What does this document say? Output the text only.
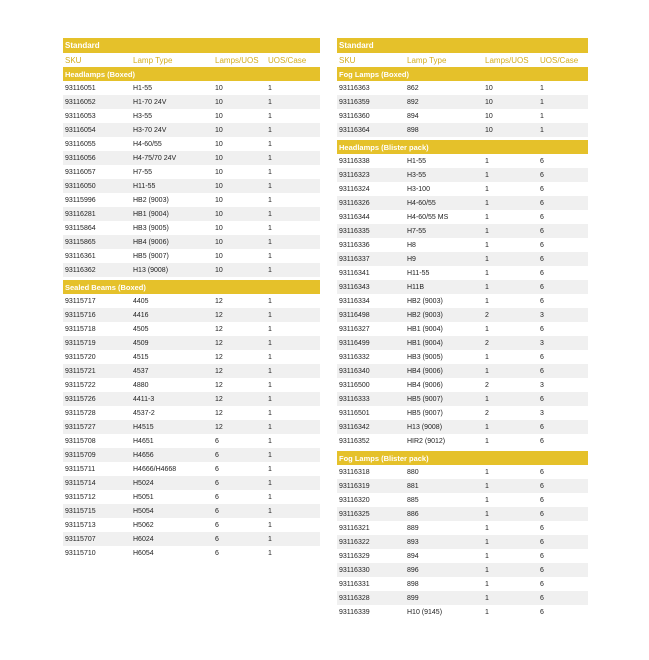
Standard			
SKU	Lamp Type	Lamps/UOS	UOS/Case
Headlamps (Boxed)			
93116051	H1-55	10	1
93116052	H1-70 24V	10	1
93116053	H3-55	10	1
93116054	H3-70 24V	10	1
93116055	H4-60/55	10	1
93116056	H4-75/70 24V	10	1
93116057	H7-55	10	1
93116050	H11-55	10	1
93115996	HB2 (9003)	10	1
93116281	HB1 (9004)	10	1
93115864	HB3 (9005)	10	1
93115865	HB4 (9006)	10	1
93116361	HB5 (9007)	10	1
93116362	H13 (9008)	10	1

Sealed Beams (Boxed)			
93115717	4405	12	1
93115716	4416	12	1
93115718	4505	12	1
93115719	4509	12	1
93115720	4515	12	1
93115721	4537	12	1
93115722	4880	12	1
93115726	4411-3	12	1
93115728	4537-2	12	1
93115727	H4515	12	1
93115708	H4651	6	1
93115709	H4656	6	1
93115711	H4666/H4668	6	1
93115714	H5024	6	1
93115712	H5051	6	1
93115715	H5054	6	1
93115713	H5062	6	1
93115707	H6024	6	1
93115710	H6054	6	1
Standard			
SKU	Lamp Type	Lamps/UOS	UOS/Case
Fog Lamps (Boxed)			
93116363	862	10	1
93116359	892	10	1
93116360	894	10	1
93116364	898	10	1

Headlamps (Blister pack)			
93116338	H1-55	1	6
93116323	H3-55	1	6
93116324	H3-100	1	6
93116326	H4-60/55	1	6
93116344	H4-60/55 MS	1	6
93116335	H7-55	1	6
93116336	H8	1	6
93116337	H9	1	6
93116341	H11-55	1	6
93116343	H11B	1	6
93116334	HB2 (9003)	1	6
93116498	HB2 (9003)	2	3
93116327	HB1 (9004)	1	6
93116499	HB1 (9004)	2	3
93116332	HB3 (9005)	1	6
93116340	HB4 (9006)	1	6
93116500	HB4 (9006)	2	3
93116333	HB5 (9007)	1	6
93116501	HB5 (9007)	2	3
93116342	H13 (9008)	1	6
93116352	HIR2 (9012)	1	6

Fog Lamps (Blister pack)			
93116318	880	1	6
93116319	881	1	6
93116320	885	1	6
93116325	886	1	6
93116321	889	1	6
93116322	893	1	6
93116329	894	1	6
93116330	896	1	6
93116331	898	1	6
93116328	899	1	6
93116339	H10 (9145)	1	6
